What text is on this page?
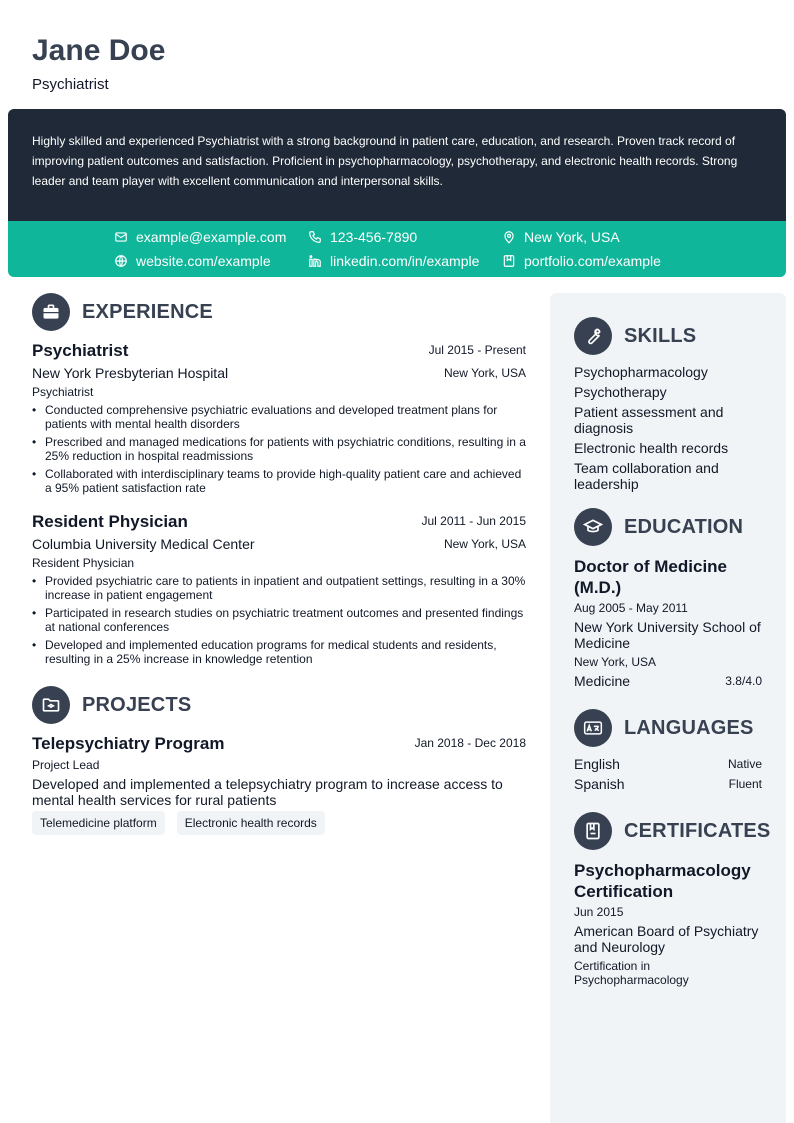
Jane Doe
Psychiatrist
Highly skilled and experienced Psychiatrist with a strong background in patient care, education, and research. Proven track record of improving patient outcomes and satisfaction. Proficient in psychopharmacology, psychotherapy, and electronic health records. Strong leader and team player with excellent communication and interpersonal skills.
example@example.com	123-456-7890	New York, USA
website.com/example	linkedin.com/in/example	portfolio.com/example
EXPERIENCE
Psychiatrist	Jul 2015 - Present
New York Presbyterian Hospital	New York, USA
Psychiatrist
• Conducted comprehensive psychiatric evaluations and developed treatment plans for patients with mental health disorders
• Prescribed and managed medications for patients with psychiatric conditions, resulting in a 25% reduction in hospital readmissions
• Collaborated with interdisciplinary teams to provide high-quality patient care and achieved a 95% patient satisfaction rate
Resident Physician	Jul 2011 - Jun 2015
Columbia University Medical Center	New York, USA
Resident Physician
• Provided psychiatric care to patients in inpatient and outpatient settings, resulting in a 30% increase in patient engagement
• Participated in research studies on psychiatric treatment outcomes and presented findings at national conferences
• Developed and implemented education programs for medical students and residents, resulting in a 25% increase in knowledge retention
PROJECTS
Telepsychiatry Program	Jan 2018 - Dec 2018
Project Lead
Developed and implemented a telepsychiatry program to increase access to mental health services for rural patients
Telemedicine platform Electronic health records
SKILLS
Psychopharmacology
Psychotherapy
Patient assessment and diagnosis
Electronic health records
Team collaboration and leadership
EDUCATION
Doctor of Medicine (M.D.)
Aug 2005 - May 2011
New York University School of Medicine
New York, USA
Medicine	3.8/4.0
LANGUAGES
English	Native
Spanish	Fluent
CERTIFICATES
Psychopharmacology Certification
Jun 2015
American Board of Psychiatry and Neurology
Certification in Psychopharmacology
